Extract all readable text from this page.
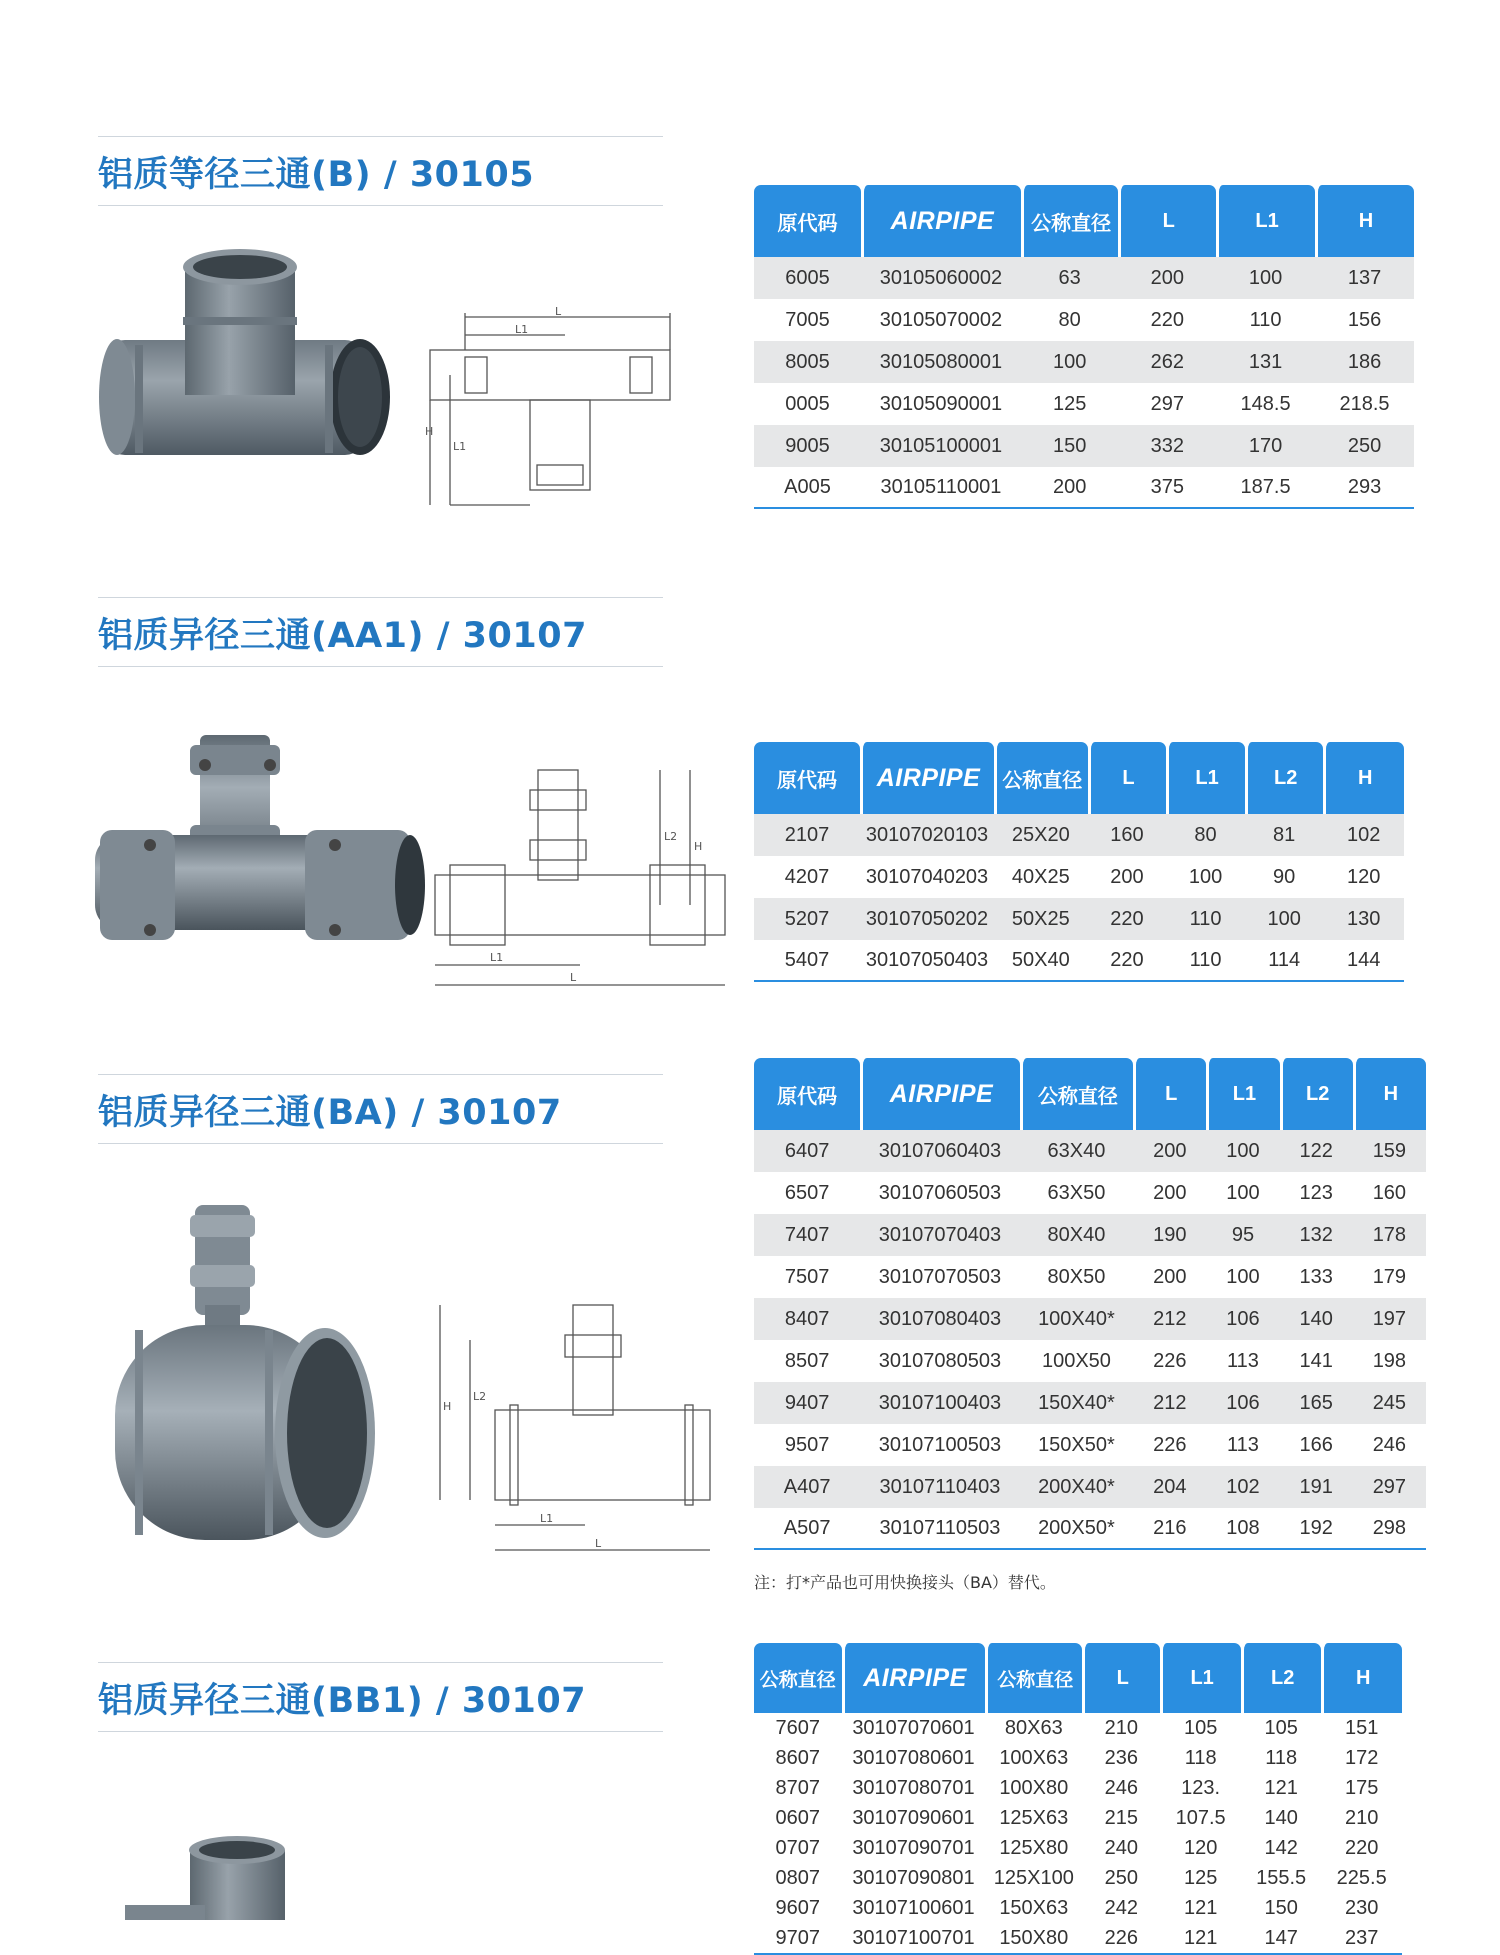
铝质等径三通(B) / 30105
L
L1
H
L1
原代码	AIRPIPE	公称直径	L	L1	H
6005	30105060002	63	200	100	137
7005	30105070002	80	220	110	156
8005	30105080001	100	262	131	186
0005	30105090001	125	297	148.5	218.5
9005	30105100001	150	332	170	250
A005	30105110001	200	375	187.5	293
铝质异径三通(AA1) / 30107
L
L1
L2
H
原代码	AIRPIPE	公称直径	L	L1	L2	H
2107	30107020103	25X20	160	80	81	102
4207	30107040203	40X25	200	100	90	120
5207	30107050202	50X25	220	110	100	130
5407	30107050403	50X40	220	110	114	144
铝质异径三通(BA) / 30107
L
L1
L2
H
原代码	AIRPIPE	公称直径	L	L1	L2	H
6407	30107060403	63X40	200	100	122	159
6507	30107060503	63X50	200	100	123	160
7407	30107070403	80X40	190	95	132	178
7507	30107070503	80X50	200	100	133	179
8407	30107080403	100X40*	212	106	140	197
8507	30107080503	100X50	226	113	141	198
9407	30107100403	150X40*	212	106	165	245
9507	30107100503	150X50*	226	113	166	246
A407	30107110403	200X40*	204	102	191	297
A507	30107110503	200X50*	216	108	192	298
注：打*产品也可用快换接头（BA）替代。
铝质异径三通(BB1) / 30107
公称直径	AIRPIPE	公称直径	L	L1	L2	H
7607	30107070601	80X63	210	105	105	151
8607	30107080601	100X63	236	118	118	172
8707	30107080701	100X80	246	123.	121	175
0607	30107090601	125X63	215	107.5	140	210
0707	30107090701	125X80	240	120	142	220
0807	30107090801	125X100	250	125	155.5	225.5
9607	30107100601	150X63	242	121	150	230
9707	30107100701	150X80	226	121	147	237
